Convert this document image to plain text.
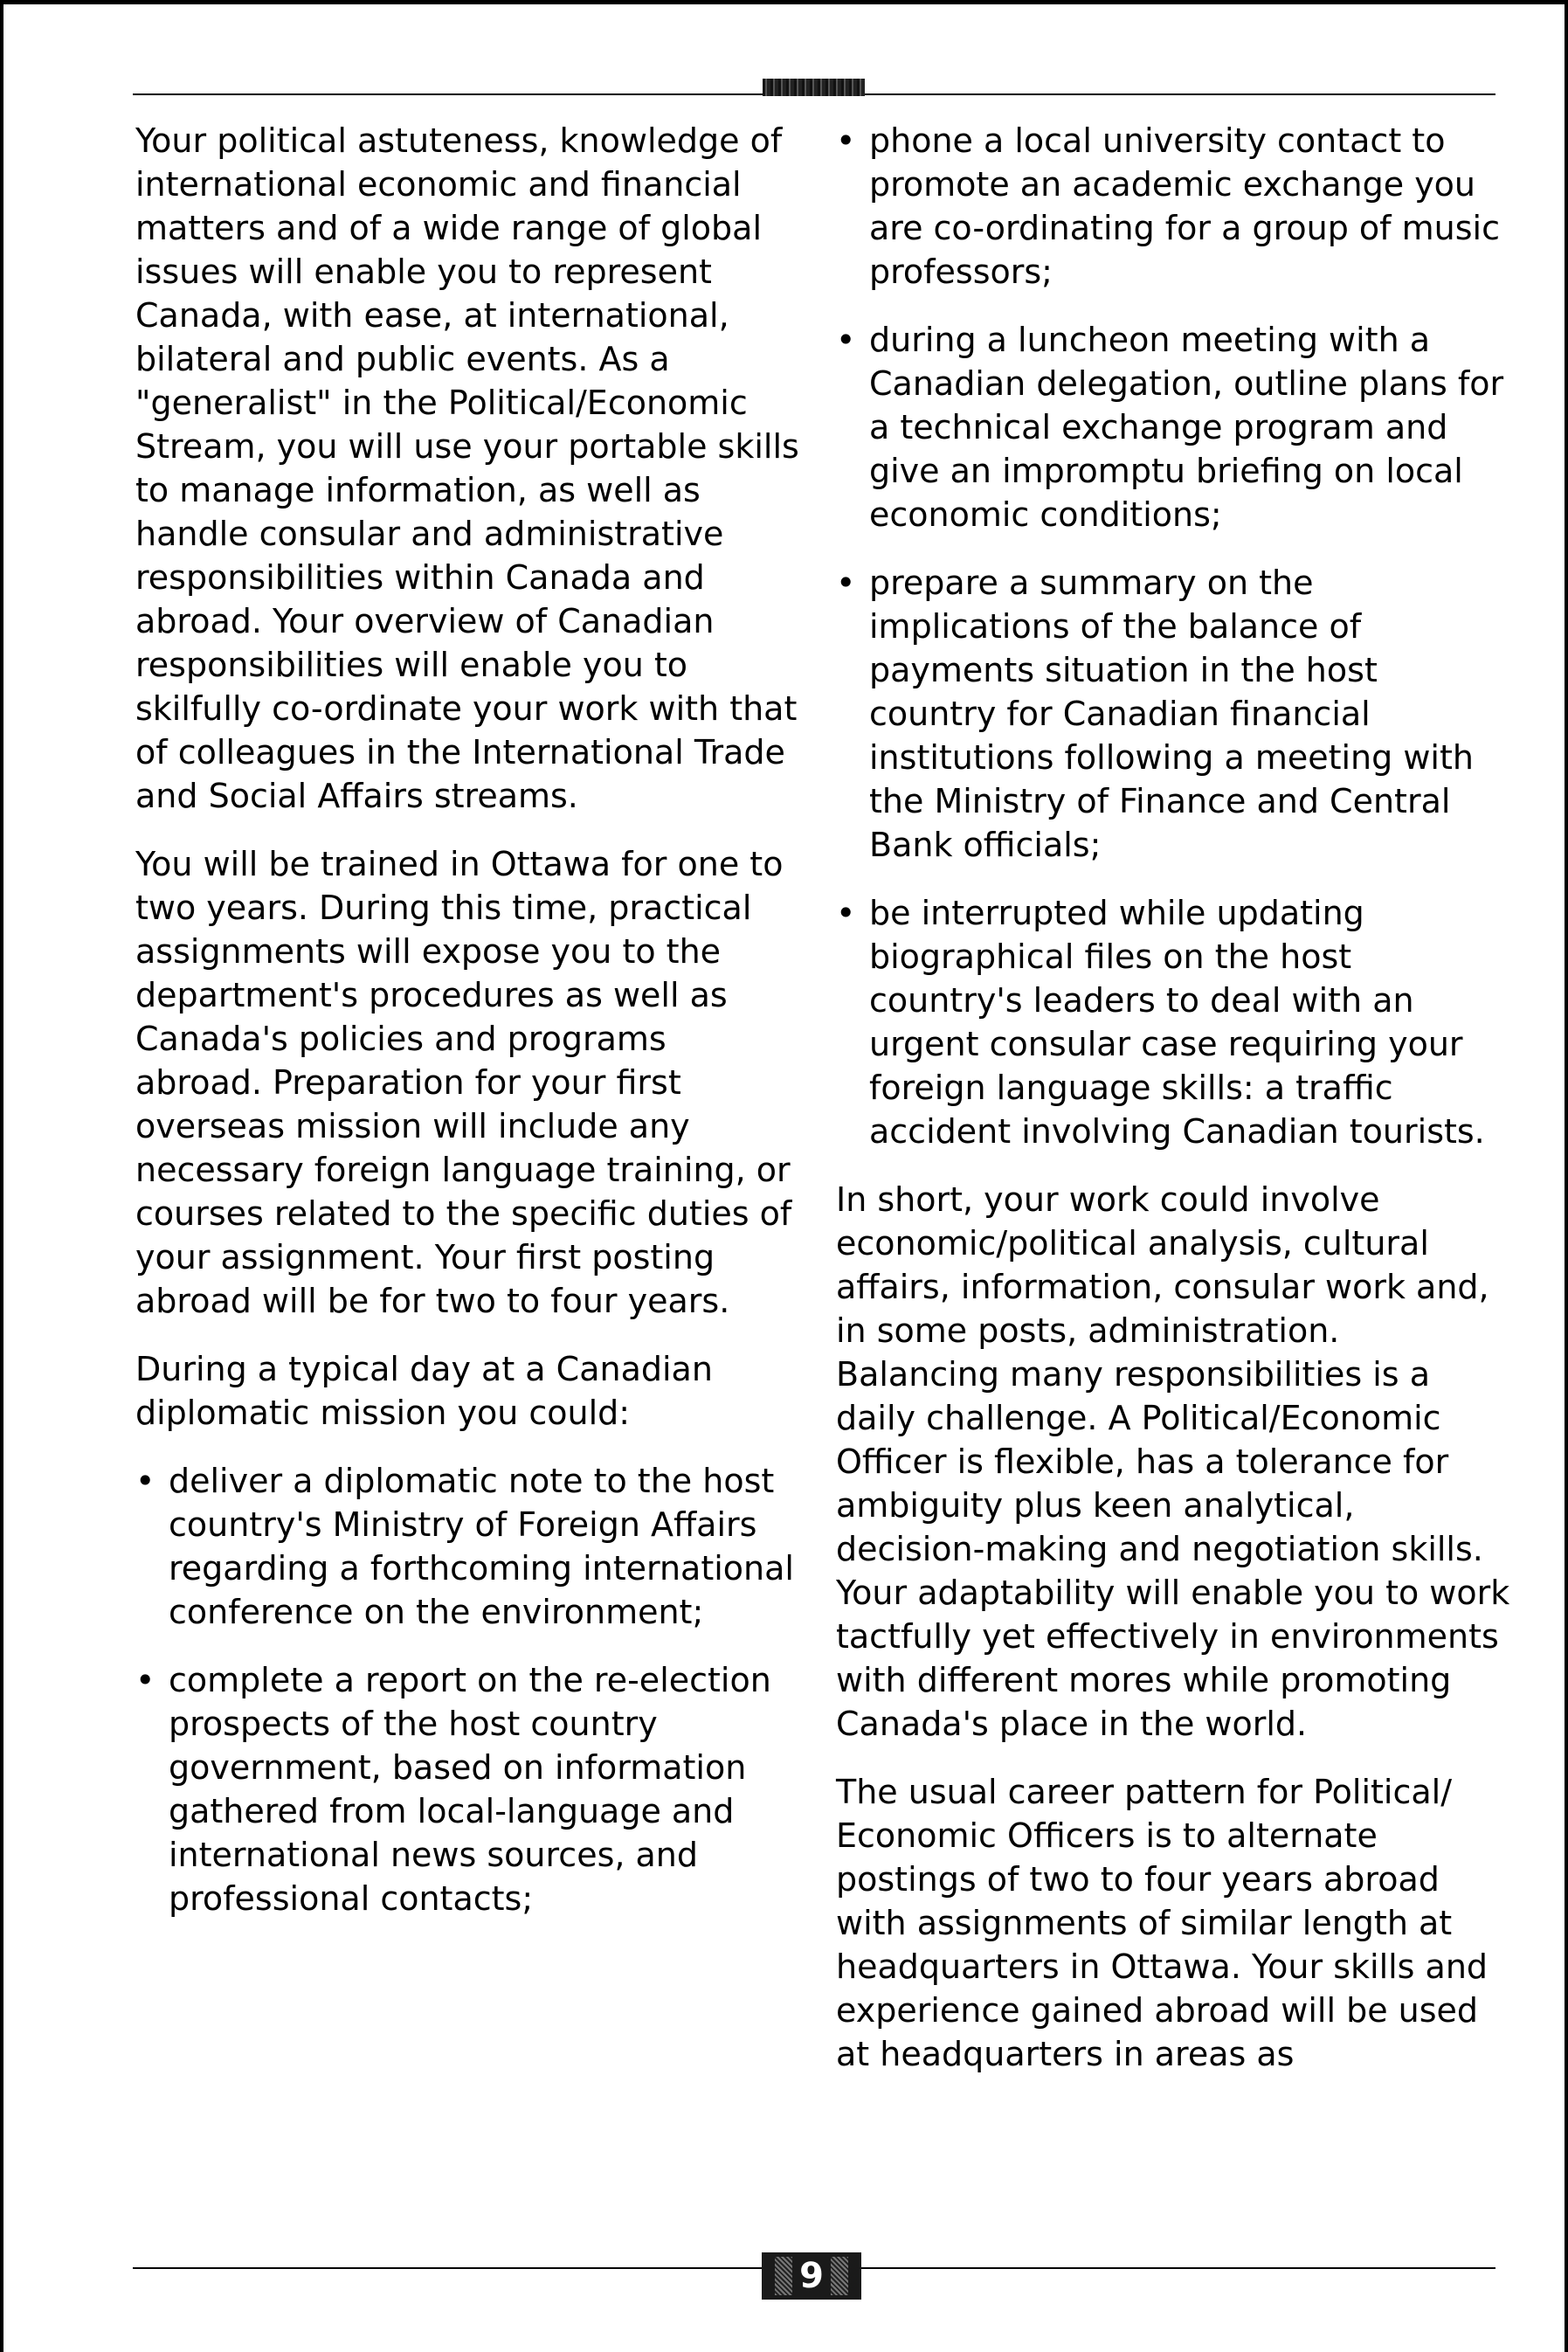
Your political astuteness, knowledge of international economic and financial matters and of a wide range of global issues will enable you to represent Canada, with ease, at international, bilateral and public events. As a "generalist" in the Political/Economic Stream, you will use your portable skills to manage information, as well as handle consular and administrative responsibilities within Canada and abroad. Your overview of Canadian responsibilities will enable you to skilfully co-ordinate your work with that of colleagues in the International Trade and Social Affairs streams.

You will be trained in Ottawa for one to two years. During this time, practical assignments will expose you to the department's procedures as well as Canada's policies and programs abroad. Preparation for your first overseas mission will include any necessary foreign language training, or courses related to the specific duties of your assignment. Your first posting abroad will be for two to four years.

During a typical day at a Canadian diplomatic mission you could:

• deliver a diplomatic note to the host country's Ministry of Foreign Affairs regarding a forthcoming international conference on the environment;
• complete a report on the re-election prospects of the host country government, based on information gathered from local-language and international news sources, and professional contacts;
• phone a local university contact to promote an academic exchange you are co-ordinating for a group of music professors;
• during a luncheon meeting with a Canadian delegation, outline plans for a technical exchange program and give an impromptu briefing on local economic conditions;
• prepare a summary on the implications of the balance of payments situation in the host country for Canadian financial institutions following a meeting with the Ministry of Finance and Central Bank officials;
• be interrupted while updating biographical files on the host country's leaders to deal with an urgent consular case requiring your foreign language skills: a traffic accident involving Canadian tourists.

In short, your work could involve economic/political analysis, cultural affairs, information, consular work and, in some posts, administration. Balancing many responsibilities is a daily challenge. A Political/Economic Officer is flexible, has a tolerance for ambiguity plus keen analytical, decision-making and negotiation skills. Your adaptability will enable you to work tactfully yet effectively in environments with different mores while promoting Canada's place in the world.

The usual career pattern for Political/ Economic Officers is to alternate postings of two to four years abroad with assignments of similar length at headquarters in Ottawa. Your skills and experience gained abroad will be used at headquarters in areas as

9
